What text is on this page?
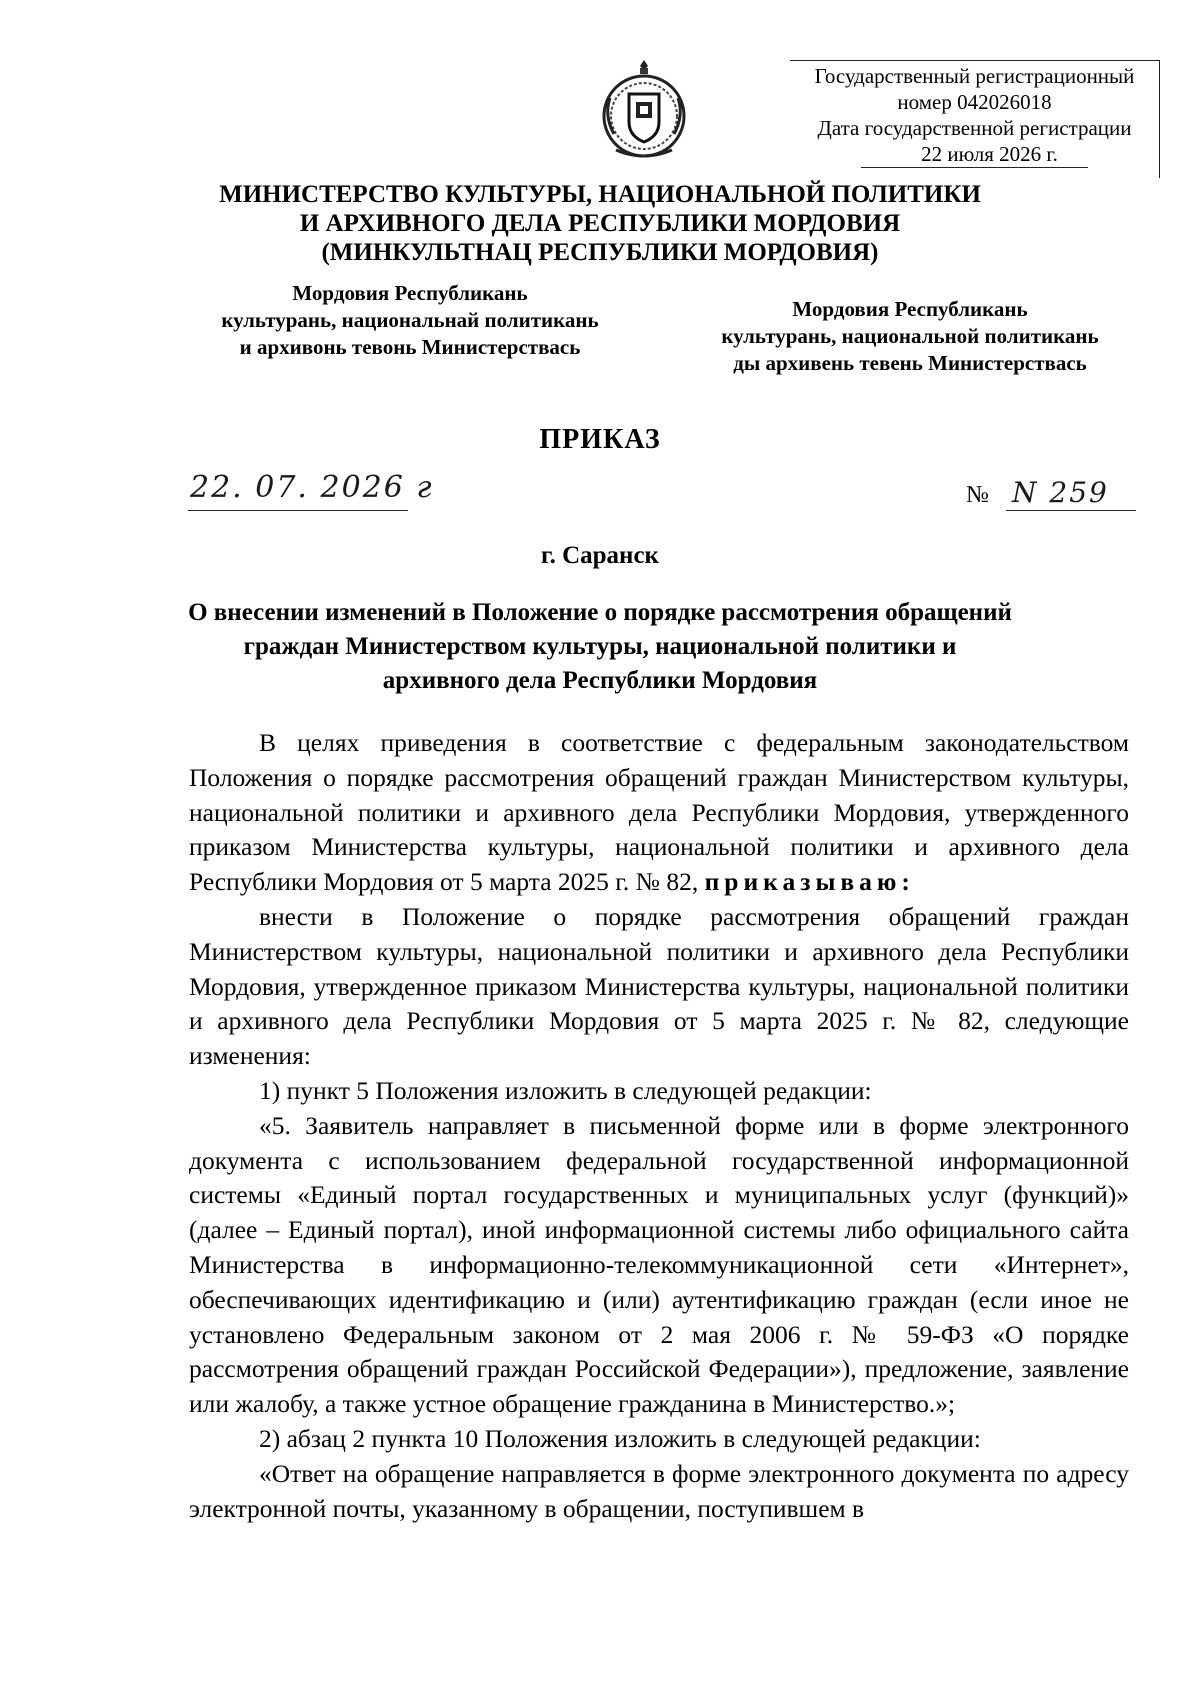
Государственный регистрационный
номер 042026018
Дата государственной регистрации
22 июля 2026 г.
МИНИСТЕРСТВО КУЛЬТУРЫ, НАЦИОНАЛЬНОЙ ПОЛИТИКИ
И АРХИВНОГО ДЕЛА РЕСПУБЛИКИ МОРДОВИЯ
(МИНКУЛЬТНАЦ РЕСПУБЛИКИ МОРДОВИЯ)
Мордовия Республикань
культурань, национальнай политикань
и архивонь тевонь Министерствась
Мордовия Республикань
культурань, национальной политикань
ды архивень тевень Министерствась
ПРИКАЗ
22. 07. 2026 г	№ N 259
г. Саранск
О внесении изменений в Положение о порядке рассмотрения обращений
граждан Министерством культуры, национальной политики и
архивного дела Республики Мордовия

В целях приведения в соответствие с федеральным законодательством Положения о порядке рассмотрения обращений граждан Министерством культуры, национальной политики и архивного дела Республики Мордовия, утвержденного приказом Министерства культуры, национальной политики и архивного дела Республики Мордовия от 5 марта 2025 г. № 82, приказываю:

внести в Положение о порядке рассмотрения обращений граждан Министерством культуры, национальной политики и архивного дела Республики Мордовия, утвержденное приказом Министерства культуры, национальной политики и архивного дела Республики Мордовия от 5 марта 2025 г. № 82, следующие изменения:

1) пункт 5 Положения изложить в следующей редакции:

«5. Заявитель направляет в письменной форме или в форме электронного документа с использованием федеральной государственной информационной системы «Единый портал государственных и муниципальных услуг (функций)» (далее – Единый портал), иной информационной системы либо официального сайта Министерства в информационно-телекоммуникационной сети «Интернет», обеспечивающих идентификацию и (или) аутентификацию граждан (если иное не установлено Федеральным законом от 2 мая 2006 г. № 59-ФЗ «О порядке рассмотрения обращений граждан Российской Федерации»), предложение, заявление или жалобу, а также устное обращение гражданина в Министерство.»;

2) абзац 2 пункта 10 Положения изложить в следующей редакции:

«Ответ на обращение направляется в форме электронного документа по адресу электронной почты, указанному в обращении, поступившем в
